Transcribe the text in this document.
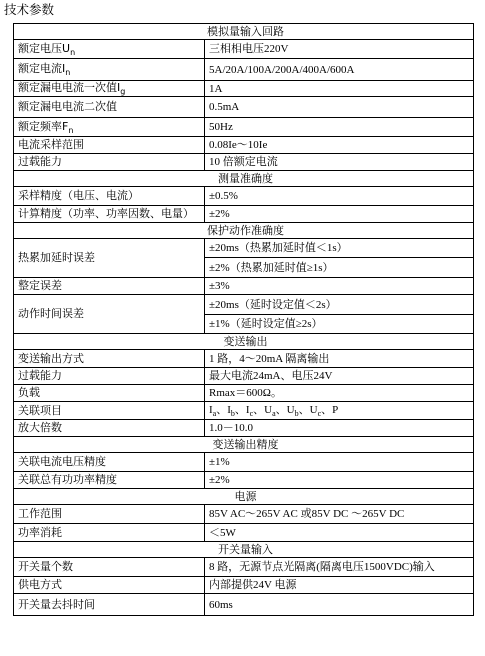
技术参数
模拟量输入回路	
额定电压$U_n$	三相相电压220V
额定电流$I_n$	5A/20A/100A/200A/400A/600A
额定漏电电流一次值$I_g$	1A
额定漏电电流二次值	0.5mA
额定频率$F_n$	50Hz
电流采样范围	0.08Ie～10Ie
过载能力	10 倍额定电流
测量准确度	
采样精度（电压、电流）	±0.5%
计算精度（功率、功率因数、电量）	±2%
保护动作准确度	
热累加延时误差	±20ms（热累加延时值＜1s）
	±2%（热累加延时值≥1s）
整定误差	±3%
动作时间误差	±20ms（延时设定值＜2s）
	±1%（延时设定值≥2s）
变送输出	
变送输出方式	1 路，4～20mA 隔离输出
过载能力	最大电流24mA、电压24V
负载	Rmax＝600Ω。
关联项目	$I_a$、$I_b$、$I_c$、$U_a$、$U_b$、$U_c$、P
放大倍数	1.0－10.0
变送输出精度	
关联电流电压精度	±1%
关联总有功功率精度	±2%
电源	
工作范围	85V AC～265V AC 或85V DC ～265V DC
功率消耗	＜5W
开关量输入	
开关量个数	8 路，无源节点光隔离(隔离电压1500VDC)输入
供电方式	内部提供24V 电源
开关量去抖时间	60ms
